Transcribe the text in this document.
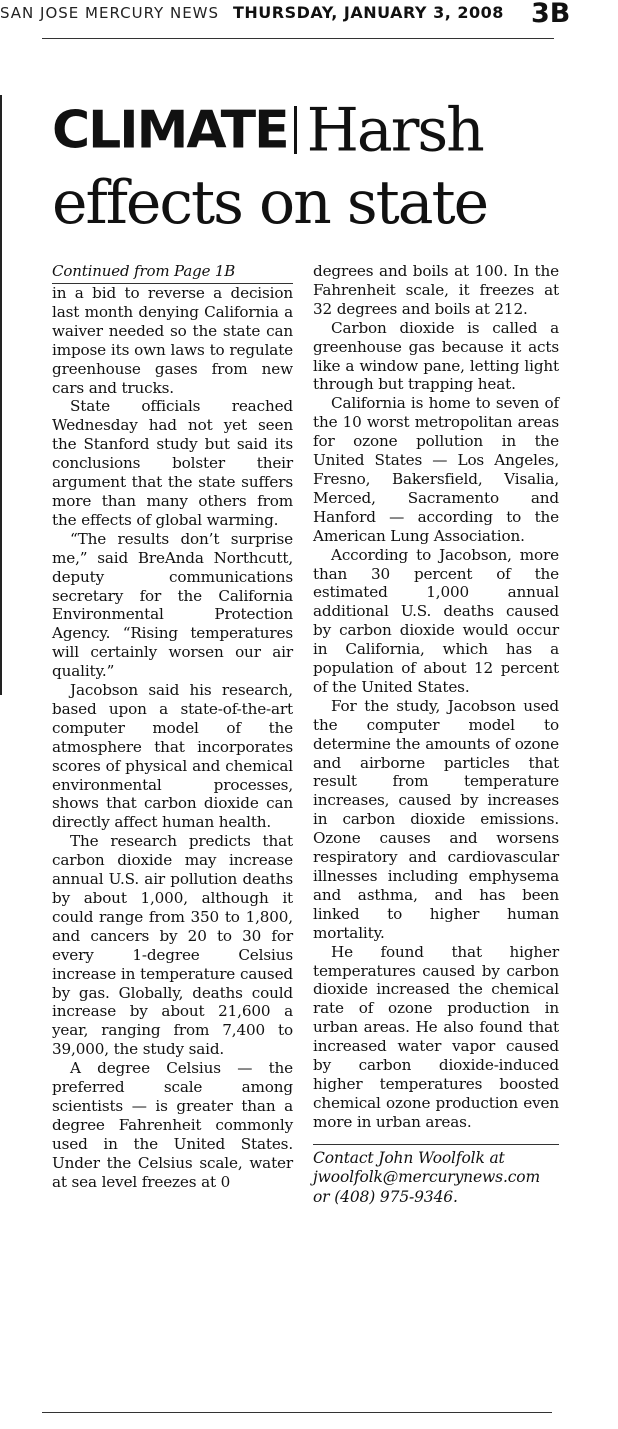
SAN JOSE MERCURY NEWS THURSDAY, JANUARY 3, 2008 3B
CLIMATE Harsh
effects on state

Continued from Page 1B

in a bid to reverse a decision last month denying California a waiver needed so the state can impose its own laws to regulate greenhouse gases from new cars and trucks.

State officials reached Wednesday had not yet seen the Stanford study but said its conclusions bolster their argument that the state suffers more than many others from the effects of global warming.

“The results don’t surprise me,” said BreAnda Northcutt, deputy communications secretary for the California Environmental Protection Agency. “Rising temperatures will certainly worsen our air quality.”

Jacobson said his research, based upon a state-of-the-art computer model of the atmosphere that incorporates scores of physical and chemical environmental processes, shows that carbon dioxide can directly affect human health.

The research predicts that carbon dioxide may increase annual U.S. air pollution deaths by about 1,000, although it could range from 350 to 1,800, and cancers by 20 to 30 for every 1-degree Celsius increase in temperature caused by gas. Globally, deaths could increase by about 21,600 a year, ranging from 7,400 to 39,000, the study said.

A degree Celsius — the preferred scale among scientists — is greater than a degree Fahrenheit commonly used in the United States. Under the Celsius scale, water at sea level freezes at 0

degrees and boils at 100. In the Fahrenheit scale, it freezes at 32 degrees and boils at 212.

Carbon dioxide is called a greenhouse gas because it acts like a window pane, letting light through but trapping heat.

California is home to seven of the 10 worst metropolitan areas for ozone pollution in the United States — Los Angeles, Fresno, Bakersfield, Visalia, Merced, Sacramento and Hanford — according to the American Lung Association.

According to Jacobson, more than 30 percent of the estimated 1,000 annual additional U.S. deaths caused by carbon dioxide would occur in California, which has a population of about 12 percent of the United States.

For the study, Jacobson used the computer model to determine the amounts of ozone and airborne particles that result from temperature increases, caused by increases in carbon dioxide emissions. Ozone causes and worsens respiratory and cardiovascular illnesses including emphysema and asthma, and has been linked to higher human mortality.

He found that higher temperatures caused by carbon dioxide increased the chemical rate of ozone production in urban areas. He also found that increased water vapor caused by carbon dioxide-induced higher temperatures boosted chemical ozone production even more in urban areas.

Contact John Woolfolk at
jwoolfolk@mercurynews.com
or (408) 975-9346.
